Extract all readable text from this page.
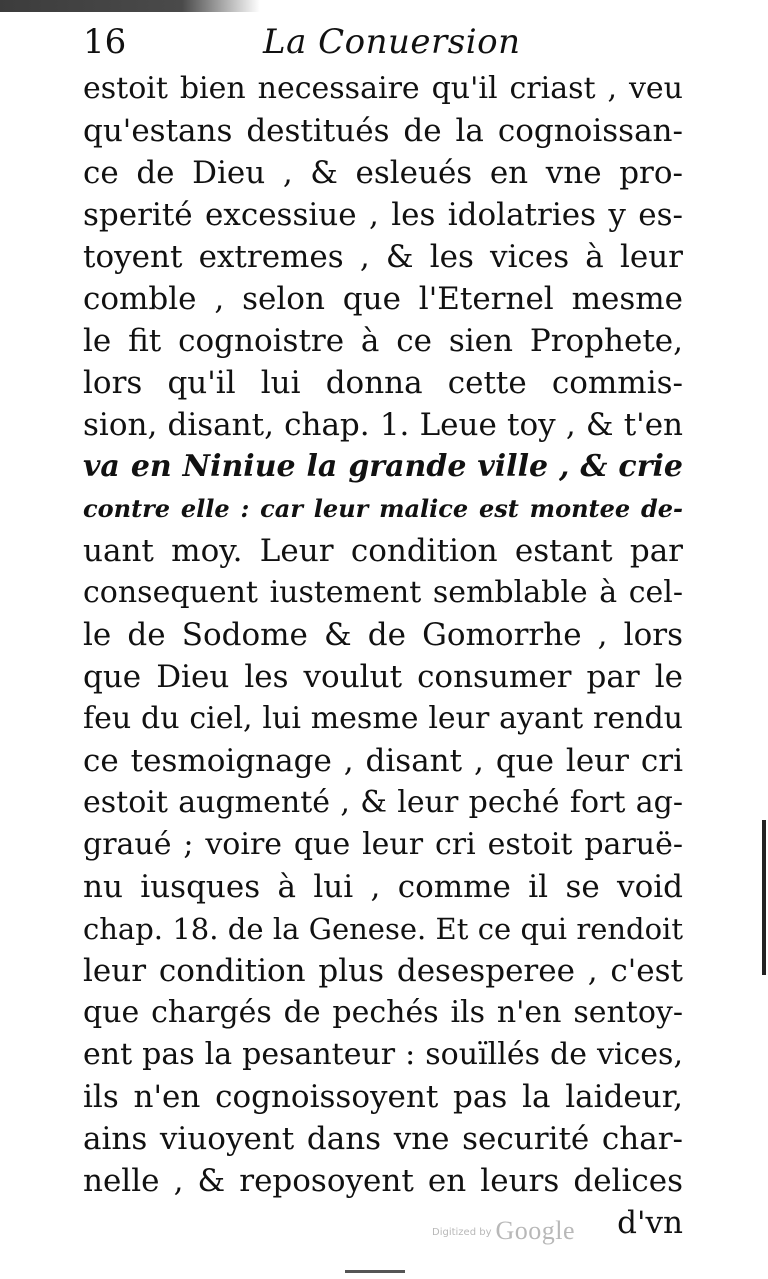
16	La Conuersion
estoit bien necessaire qu'il criast , veu
qu'estans destitués de la cognoissan-
ce de Dieu , & esleués en vne pro-
sperité excessiue , les idolatries y es-
toyent extremes , & les vices à leur
comble , selon que l'Eternel mesme
le fit cognoistre à ce sien Prophete,
lors qu'il lui donna cette commis-
sion, disant, chap. 1. Leue toy , & t'en
va en Niniue la grande ville , & crie
contre elle : car leur malice est montee de-
uant moy. Leur condition estant par
consequent iustement semblable à cel-
le de Sodome & de Gomorrhe , lors
que Dieu les voulut consumer par le
feu du ciel, lui mesme leur ayant rendu
ce tesmoignage , disant , que leur cri
estoit augmenté , & leur peché fort ag-
graué ; voire que leur cri estoit paruë-
nu iusques à lui , comme il se void
chap. 18. de la Genese. Et ce qui rendoit
leur condition plus desesperee , c'est
que chargés de pechés ils n'en sentoy-
ent pas la pesanteur : souïllés de vices,
ils n'en cognoissoyent pas la laideur,
ains viuoyent dans vne securité char-
nelle , & reposoyent en leurs delices
d'vn
Digitized by Google
